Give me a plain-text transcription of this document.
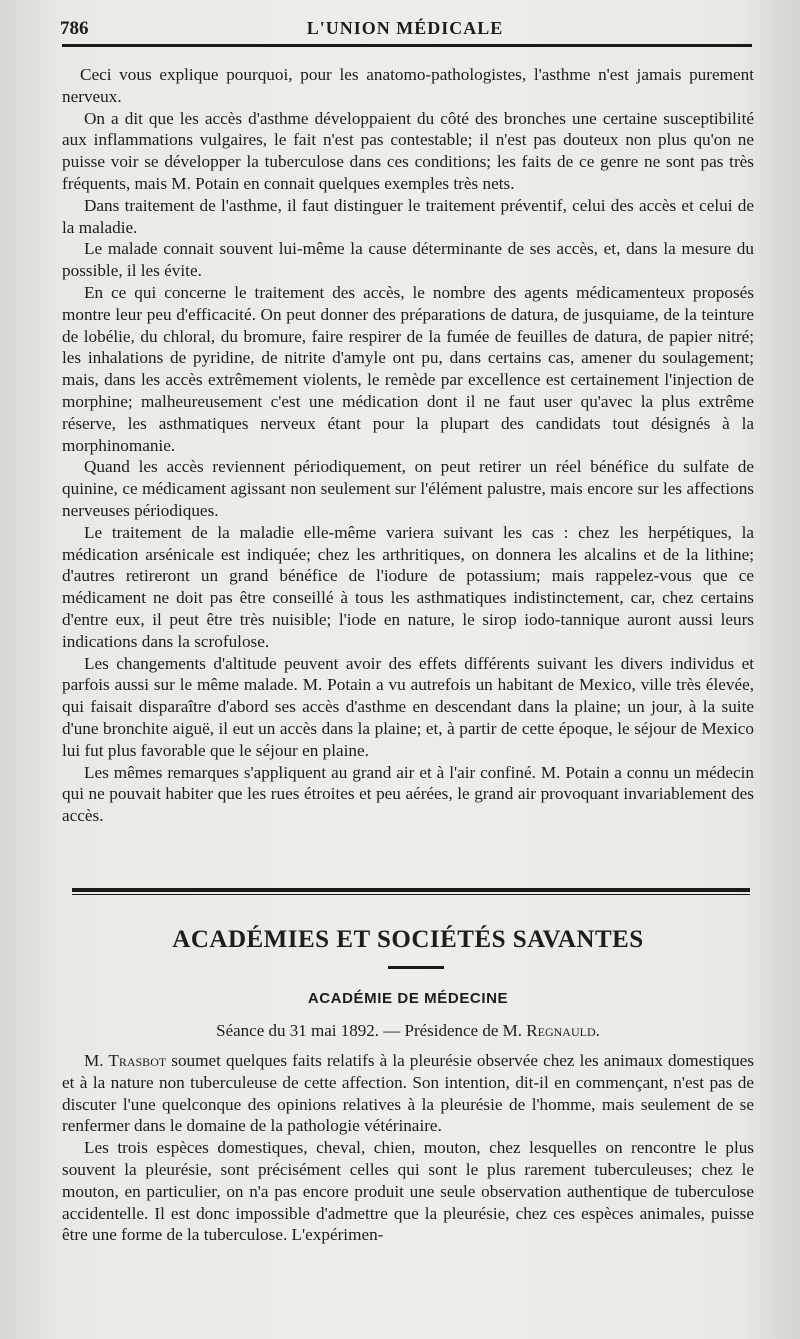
786	L'UNION MÉDICALE

Ceci vous explique pourquoi, pour les anatomo-pathologistes, l'asthme n'est jamais purement nerveux.

On a dit que les accès d'asthme développaient du côté des bronches une certaine susceptibilité aux inflammations vulgaires, le fait n'est pas contestable; il n'est pas douteux non plus qu'on ne puisse voir se développer la tuberculose dans ces conditions; les faits de ce genre ne sont pas très fréquents, mais M. Potain en connait quelques exemples très nets.

Dans traitement de l'asthme, il faut distinguer le traitement préventif, celui des accès et celui de la maladie.

Le malade connait souvent lui-même la cause déterminante de ses accès, et, dans la mesure du possible, il les évite.

En ce qui concerne le traitement des accès, le nombre des agents médicamenteux proposés montre leur peu d'efficacité. On peut donner des préparations de datura, de jusquiame, de la teinture de lobélie, du chloral, du bromure, faire respirer de la fumée de feuilles de datura, de papier nitré; les inhalations de pyridine, de nitrite d'amyle ont pu, dans certains cas, amener du soulagement; mais, dans les accès extrêmement violents, le remède par excellence est certainement l'injection de morphine; malheureusement c'est une médication dont il ne faut user qu'avec la plus extrême réserve, les asthmatiques nerveux étant pour la plupart des candidats tout désignés à la morphinomanie.

Quand les accès reviennent périodiquement, on peut retirer un réel bénéfice du sulfate de quinine, ce médicament agissant non seulement sur l'élément palustre, mais encore sur les affections nerveuses périodiques.

Le traitement de la maladie elle-même variera suivant les cas : chez les herpétiques, la médication arsénicale est indiquée; chez les arthritiques, on donnera les alcalins et de la lithine; d'autres retireront un grand bénéfice de l'iodure de potassium; mais rappelez-vous que ce médicament ne doit pas être conseillé à tous les asthmatiques indistinctement, car, chez certains d'entre eux, il peut être très nuisible; l'iode en nature, le sirop iodo-tannique auront aussi leurs indications dans la scrofulose.

Les changements d'altitude peuvent avoir des effets différents suivant les divers individus et parfois aussi sur le même malade. M. Potain a vu autrefois un habitant de Mexico, ville très élevée, qui faisait disparaître d'abord ses accès d'asthme en descendant dans la plaine; un jour, à la suite d'une bronchite aiguë, il eut un accès dans la plaine; et, à partir de cette époque, le séjour de Mexico lui fut plus favorable que le séjour en plaine.

Les mêmes remarques s'appliquent au grand air et à l'air confiné. M. Potain a connu un médecin qui ne pouvait habiter que les rues étroites et peu aérées, le grand air provoquant invariablement des accès.

ACADÉMIES ET SOCIÉTÉS SAVANTES
ACADÉMIE DE MÉDECINE
Séance du 31 mai 1892. — Présidence de M. Regnauld.

M. Trasbot soumet quelques faits relatifs à la pleurésie observée chez les animaux domestiques et à la nature non tuberculeuse de cette affection. Son intention, dit-il en commençant, n'est pas de discuter l'une quelconque des opinions relatives à la pleurésie de l'homme, mais seulement de se renfermer dans le domaine de la pathologie vétérinaire.

Les trois espèces domestiques, cheval, chien, mouton, chez lesquelles on rencontre le plus souvent la pleurésie, sont précisément celles qui sont le plus rarement tuberculeuses; chez le mouton, en particulier, on n'a pas encore produit une seule observation authentique de tuberculose accidentelle. Il est donc impossible d'admettre que la pleurésie, chez ces espèces animales, puisse être une forme de la tuberculose. L'expérimen-
